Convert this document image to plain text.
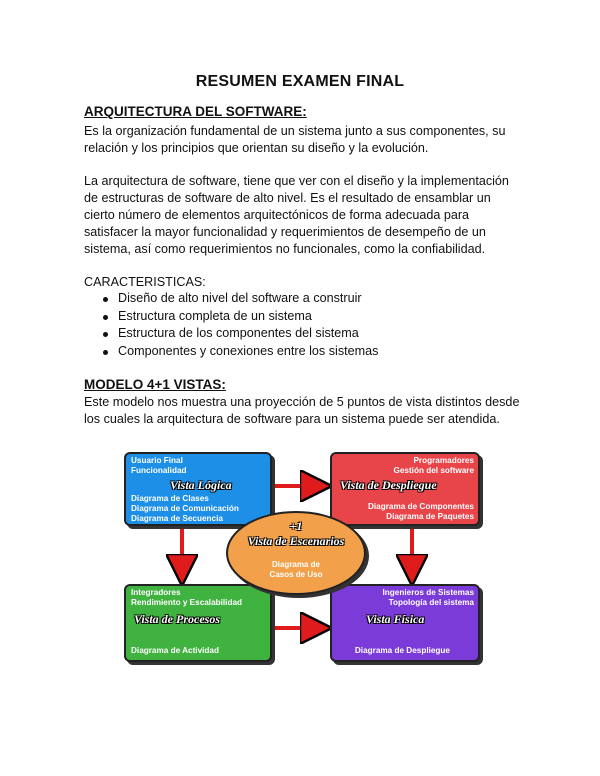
RESUMEN EXAMEN FINAL
ARQUITECTURA DEL SOFTWARE:
Es la organización fundamental de un sistema junto a sus componentes, su
relación y los principios que orientan su diseño y la evolución.
La arquitectura de software, tiene que ver con el diseño y la implementación
de estructuras de software de alto nivel. Es el resultado de ensamblar un
cierto número de elementos arquitectónicos de forma adecuada para
satisfacer la mayor funcionalidad y requerimientos de desempeño de un
sistema, así como requerimientos no funcionales, como la confiabilidad.
CARACTERISTICAS:
Diseño de alto nivel del software a construir
Estructura completa de un sistema
Estructura de los componentes del sistema
Componentes y conexiones entre los sistemas
MODELO 4+1 VISTAS:
Este modelo nos muestra una proyección de 5 puntos de vista distintos desde
los cuales la arquitectura de software para un sistema puede ser atendida.
Usuario Final
Funcionalidad
Vista Lógica
Diagrama de Clases
Diagrama de Comunicación
Diagrama de Secuencia
Programadores
Gestión del software
Vista de Despliegue
Diagrama de Componentes
Diagrama de Paquetes
Integradores
Rendimiento y Escalabilidad
Vista de Procesos
Diagrama de Actividad
Ingenieros de Sistemas
Topología del sistema
Vista Física
Diagrama de Despliegue
+1
Vista de Escenarios
Diagrama de
Casos de Uso
